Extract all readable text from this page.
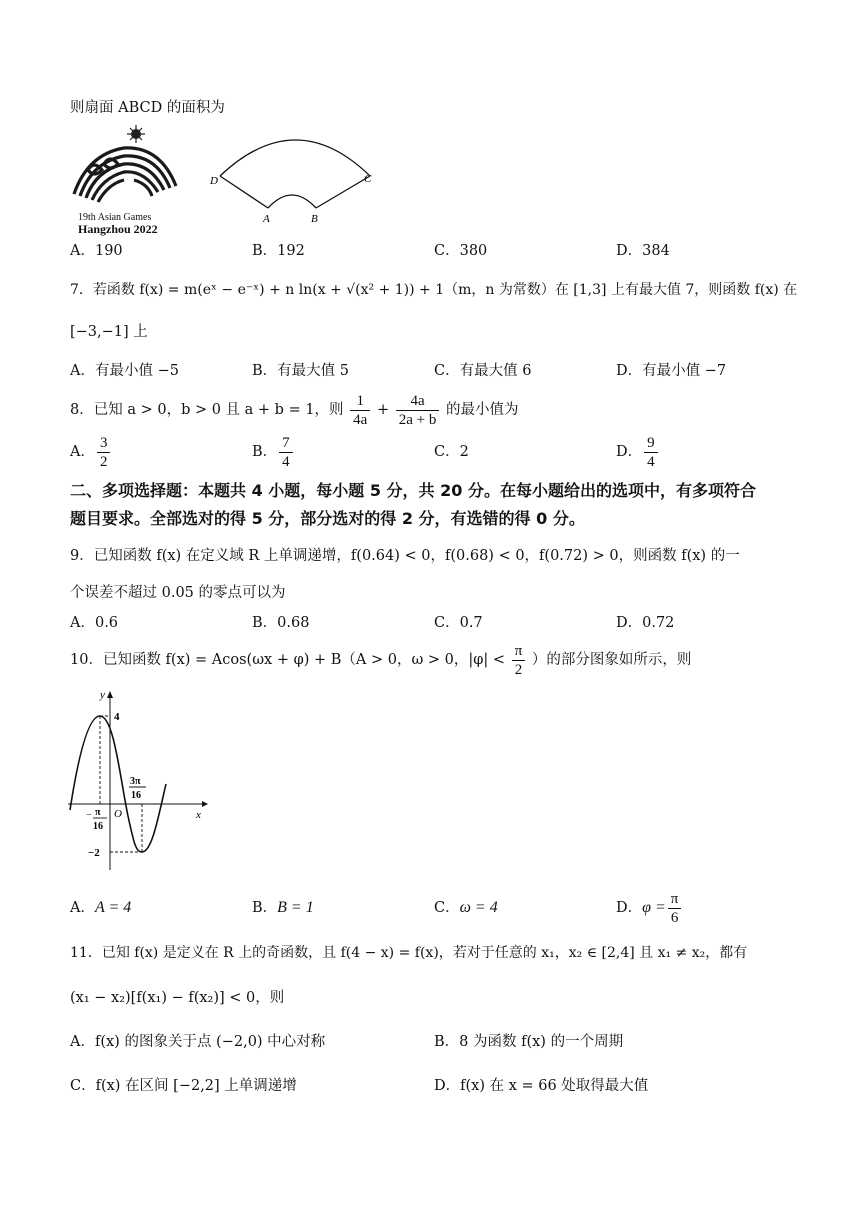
则扇面 ABCD 的面积为
19th Asian Games
Hangzhou 2022
D	C
A	B
A．190	B．192	C．380	D．384
7．若函数 f(x) = m(eˣ − e⁻ˣ) + n ln(x + √(x² + 1)) + 1（m，n 为常数）在 [1,3] 上有最大值 7，则函数 f(x) 在
[−3,−1] 上
A．有最小值 −5	B．有最大值 5	C．有最大值 6	D．有最小值 −7
8．已知 a > 0，b > 0 且 a + b = 1，则 $\frac{1}{4a} + \frac{4a}{2a + b}$ 的最小值为
A． $\frac{3}{2}$	B． $\frac{7}{4}$	C．2	D． $\frac{9}{4}$
二、多项选择题：本题共 4 小题，每小题 5 分，共 20 分。在每小题给出的选项中，有多项符合
题目要求。全部选对的得 5 分，部分选对的得 2 分，有选错的得 0 分。
9．已知函数 f(x) 在定义域 R 上单调递增，f(0.64) < 0，f(0.68) < 0，f(0.72) > 0，则函数 f(x) 的一
个误差不超过 0.05 的零点可以为
A．0.6	B．0.68	C．0.7	D．0.72
10．已知函数 f(x) = Acos(ωx + φ) + B（A > 0，ω > 0，$|\varphi| < \frac{\pi}{2}$ ）的部分图象如所示，则
y
x
O
4
−2
− π
16
3π
16
A．A = 4	B．B = 1	C．ω = 4	D．$\varphi = \frac{\pi}{6}$
11．已知 f(x) 是定义在 R 上的奇函数，且 f(4 − x) = f(x)，若对于任意的 x₁，x₂ ∈ [2,4] 且 x₁ ≠ x₂，都有
(x₁ − x₂)[f(x₁) − f(x₂)] < 0，则
A．f(x) 的图象关于点 (−2,0) 中心对称	B．8 为函数 f(x) 的一个周期
C．f(x) 在区间 [−2,2] 上单调递增	D．f(x) 在 x = 66 处取得最大值
